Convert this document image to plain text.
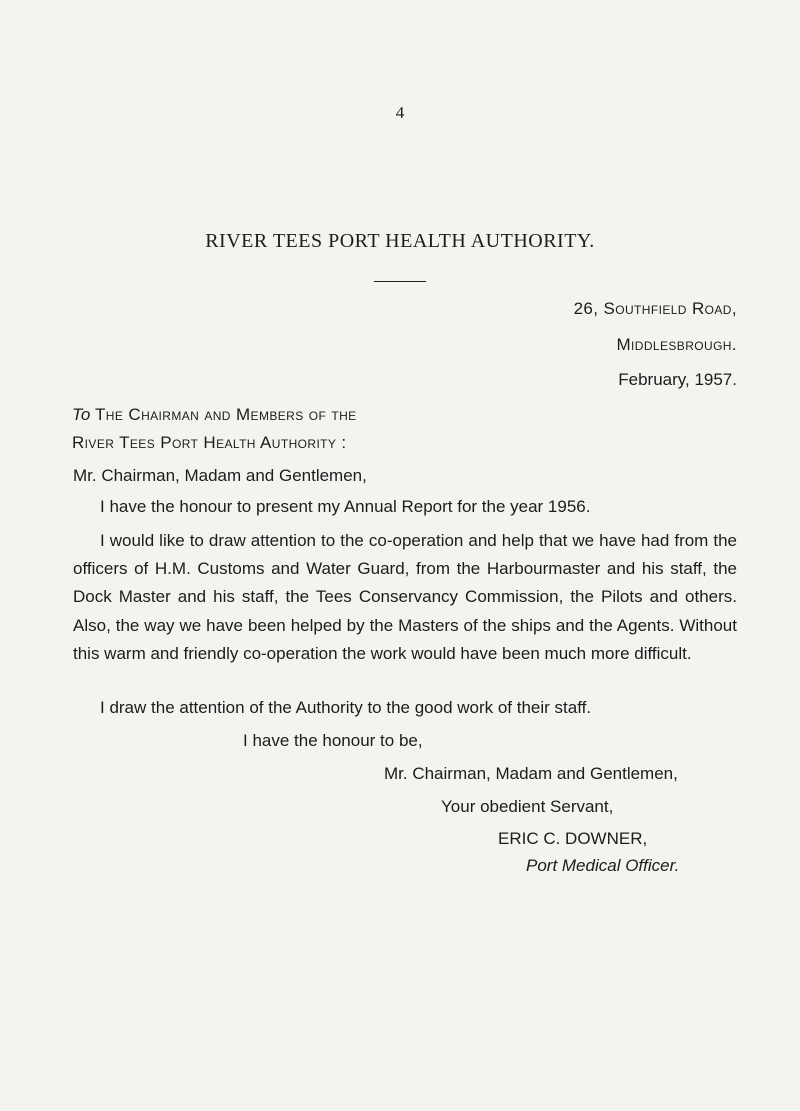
4
RIVER TEES PORT HEALTH AUTHORITY.
26, Southfield Road,
Middlesbrough.
February, 1957.
To The Chairman and Members of the
River Tees Port Health Authority :
Mr. Chairman, Madam and Gentlemen,
I have the honour to present my Annual Report for the year 1956.

I would like to draw attention to the co-operation and help that we have had from the officers of H.M. Customs and Water Guard, from the Harbourmaster and his staff, the Dock Master and his staff, the Tees Conservancy Commission, the Pilots and others. Also, the way we have been helped by the Masters of the ships and the Agents. Without this warm and friendly co-operation the work would have been much more difficult.

I draw the attention of the Authority to the good work of their staff.
I have the honour to be,
Mr. Chairman, Madam and Gentlemen,
Your obedient Servant,
ERIC C. DOWNER,
Port Medical Officer.
